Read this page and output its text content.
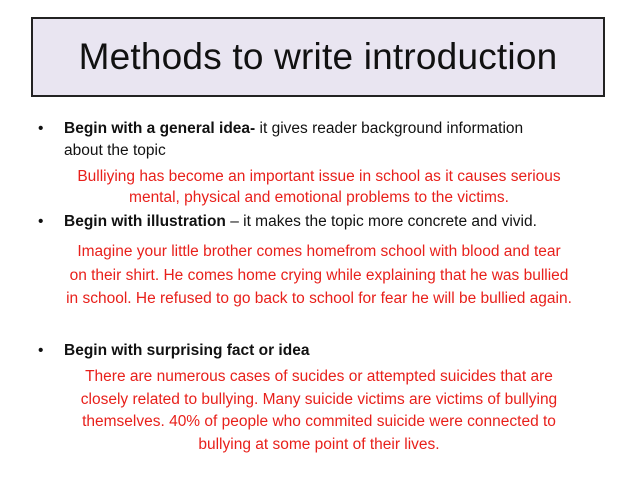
Methods to write introduction
• Begin with a general idea- it gives reader background information
about the topic
Bulliying has become an important issue in school as it causes serious
mental, physical and emotional problems to the victims.
• Begin with illustration – it makes the topic more concrete and vivid.
Imagine your little brother comes homefrom school with blood and tear
on their shirt. He comes home crying while explaining that he was bullied
in school. He refused to go back to school for fear he will be bullied again.
• Begin with surprising fact or idea
There are numerous cases of sucides or attempted suicides that are
closely related to bullying. Many suicide victims are victims of bullying
themselves. 40% of people who commited suicide were connected to
bullying at some point of their lives.
